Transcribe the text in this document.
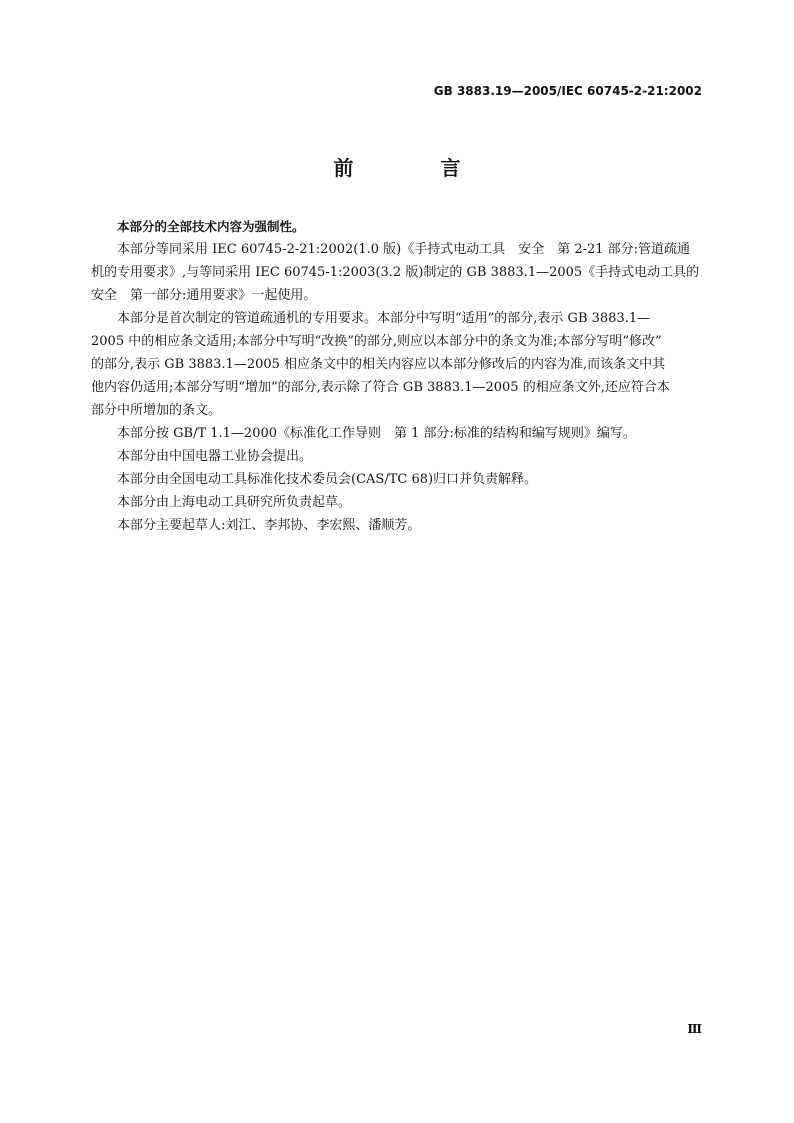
GB 3883.19—2005/IEC 60745-2-21:2002
前 言
本部分的全部技术内容为强制性。
本部分等同采用 IEC 60745-2-21:2002(1.0 版)《手持式电动工具　安全　第 2-21 部分:管道疏通
机的专用要求》,与等同采用 IEC 60745-1:2003(3.2 版)制定的 GB 3883.1—2005《手持式电动工具的
安全　第一部分:通用要求》一起使用。
本部分是首次制定的管道疏通机的专用要求。本部分中写明“适用”的部分,表示 GB 3883.1—
2005 中的相应条文适用;本部分中写明“改换”的部分,则应以本部分中的条文为准;本部分写明“修改”
的部分,表示 GB 3883.1—2005 相应条文中的相关内容应以本部分修改后的内容为准,而该条文中其
他内容仍适用;本部分写明“增加”的部分,表示除了符合 GB 3883.1—2005 的相应条文外,还应符合本
部分中所增加的条文。
本部分按 GB/T 1.1—2000《标准化工作导则　第 1 部分:标准的结构和编写规则》编写。
本部分由中国电器工业协会提出。
本部分由全国电动工具标准化技术委员会(CAS/TC 68)归口并负责解释。
本部分由上海电动工具研究所负责起草。
本部分主要起草人:刘江、李邦协、李宏熙、潘顺芳。
Ⅲ
